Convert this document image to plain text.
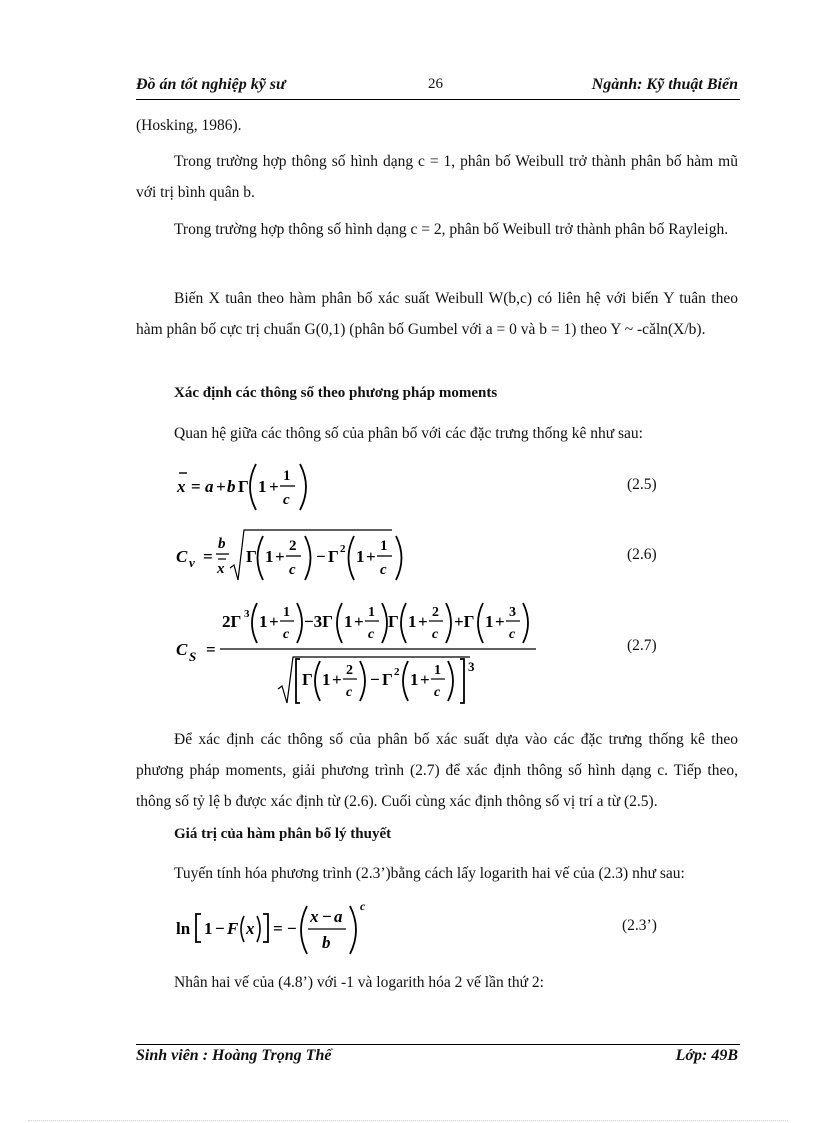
Đồ án tốt nghiệp kỹ sư	26	Ngành: Kỹ thuật Biển
(Hosking, 1986).
Trong trường hợp thông số hình dạng c = 1, phân bố Weibull trở thành phân bố hàm mũ với trị bình quân b.
Trong trường hợp thông số hình dạng c = 2, phân bố Weibull trở thành phân bố Rayleigh.
Biến X tuân theo hàm phân bố xác suất Weibull W(b,c) có liên hệ với biến Y tuân theo hàm phân bố cực trị chuẩn G(0,1) (phân bố Gumbel với a = 0 và b = 1) theo Y ~ -cǎln(X/b).
Xác định các thông số theo phương pháp moments
Quan hệ giữa các thông số của phân bố với các đặc trưng thống kê như sau:
x = a + b Γ 1 +
1
c
(2.5)
C v =
b
x
Γ 1 +
2
c
− Γ 2 1 +
1
c
(2.6)
C S =
2Γ 3 1 + 1
c
−3Γ 1 + 1
c
Γ 1 + 2
c
+Γ 1 + 3
c
Γ 1 + 2
c
− Γ 2 1 + 1
c
3
(2.7)
Để xác định các thông số của phân bố xác suất dựa vào các đặc trưng thống kê theo phương pháp moments, giải phương trình (2.7) để xác định thông số hình dạng c. Tiếp theo, thông số tỷ lệ b được xác định từ (2.6). Cuối cùng xác định thông số vị trí a từ (2.5).
Giá trị của hàm phân bố lý thuyết
Tuyến tính hóa phương trình (2.3’)bằng cách lấy logarith hai vế của (2.3) như sau:
ln 1 − F x = −
x − a
b
c
(2.3’)
Nhân hai vế của (4.8’) với -1 và logarith hóa 2 vế lần thứ 2:
Sinh viên : Hoàng Trọng Thể	Lớp: 49B
